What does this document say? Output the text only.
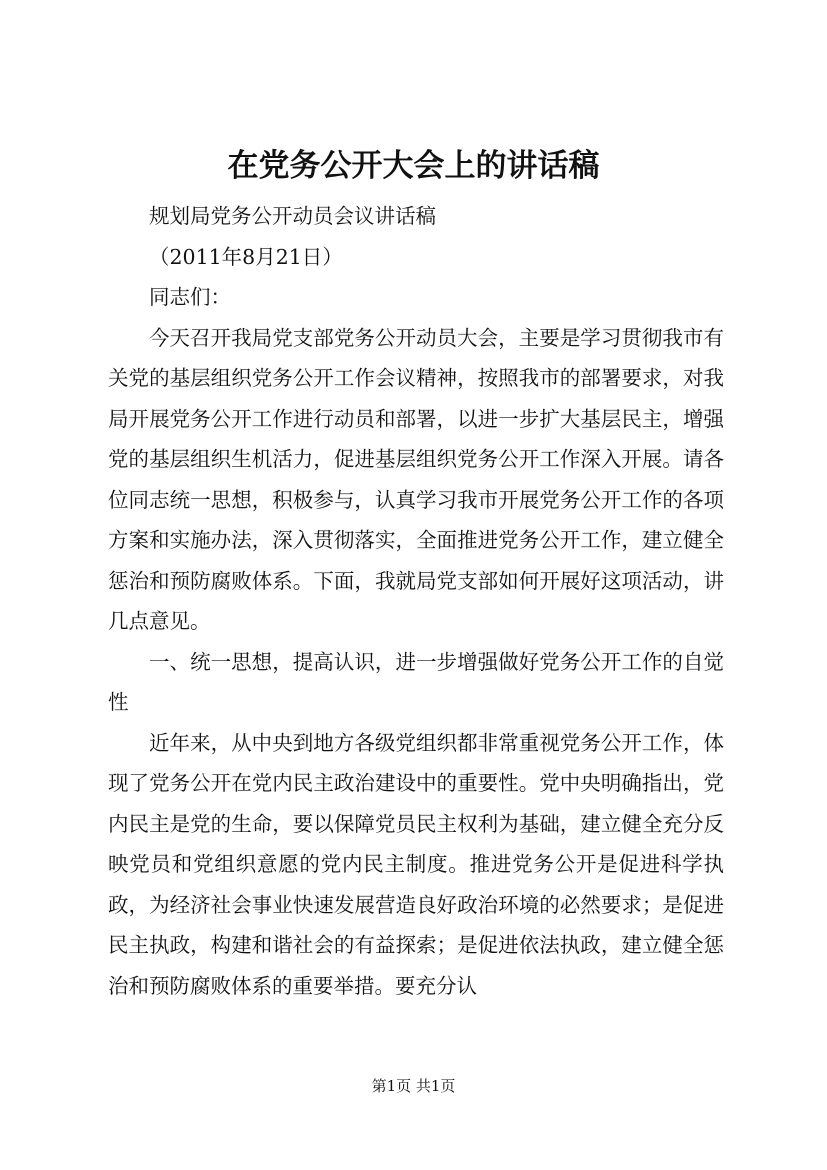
在党务公开大会上的讲话稿

规划局党务公开动员会议讲话稿

（2011年8月21日）

同志们：

今天召开我局党支部党务公开动员大会，主要是学习贯彻我市有关党的基层组织党务公开工作会议精神，按照我市的部署要求，对我局开展党务公开工作进行动员和部署，以进一步扩大基层民主，增强党的基层组织生机活力，促进基层组织党务公开工作深入开展。请各位同志统一思想，积极参与，认真学习我市开展党务公开工作的各项方案和实施办法，深入贯彻落实，全面推进党务公开工作，建立健全惩治和预防腐败体系。下面，我就局党支部如何开展好这项活动，讲几点意见。

一、统一思想，提高认识，进一步增强做好党务公开工作的自觉性

近年来，从中央到地方各级党组织都非常重视党务公开工作，体现了党务公开在党内民主政治建设中的重要性。党中央明确指出，党内民主是党的生命，要以保障党员民主权利为基础，建立健全充分反映党员和党组织意愿的党内民主制度。推进党务公开是促进科学执政，为经济社会事业快速发展营造良好政治环境的必然要求；是促进民主执政，构建和谐社会的有益探索；是促进依法执政，建立健全惩治和预防腐败体系的重要举措。要充分认

第1页 共1页
